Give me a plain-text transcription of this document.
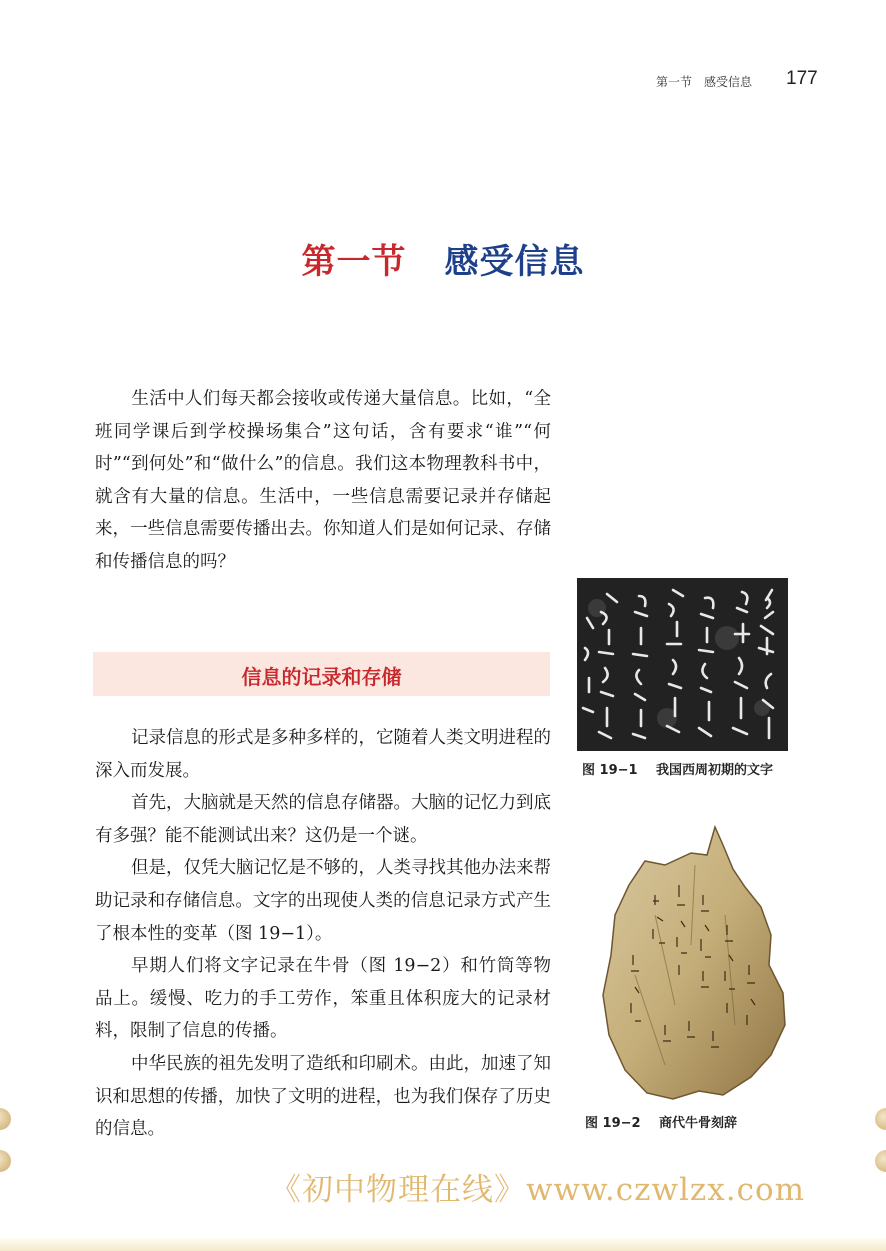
第一节　感受信息 177
第一节 感受信息
生活中人们每天都会接收或传递大量信息。比如，“全班同学课后到学校操场集合”这句话，含有要求“谁”“何时”“到何处”和“做什么”的信息。我们这本物理教科书中，就含有大量的信息。生活中，一些信息需要记录并存储起来，一些信息需要传播出去。你知道人们是如何记录、存储和传播信息的吗？
信息的记录和存储

记录信息的形式是多种多样的，它随着人类文明进程的深入而发展。

首先，大脑就是天然的信息存储器。大脑的记忆力到底有多强？能不能测试出来？这仍是一个谜。

但是，仅凭大脑记忆是不够的，人类寻找其他办法来帮助记录和存储信息。文字的出现使人类的信息记录方式产生了根本性的变革（图 19−1）。

早期人们将文字记录在牛骨（图 19−2）和竹筒等物品上。缓慢、吃力的手工劳作，笨重且体积庞大的记录材料，限制了信息的传播。

中华民族的祖先发明了造纸和印刷术。由此，加速了知识和思想的传播，加快了文明的进程，也为我们保存了历史的信息。

图 19−1	我国西周初期的文字
图 19−2 商代牛骨刻辞
《初中物理在线》www.czwlzx.com
